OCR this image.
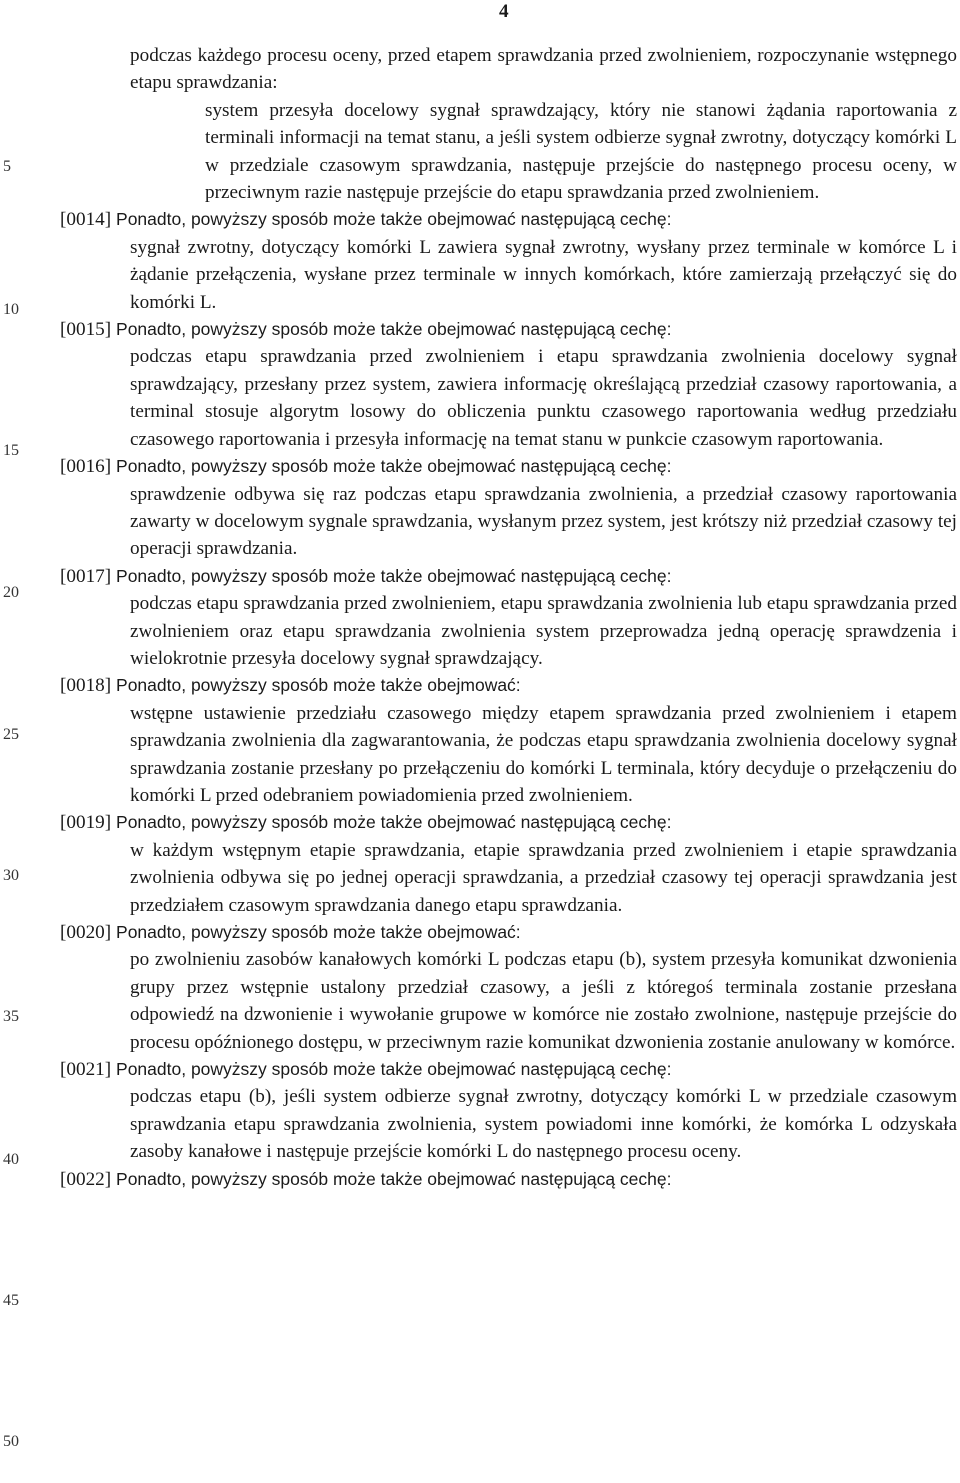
4
5
10
15
20
25
30
35
40
45
50

podczas każdego procesu oceny, przed etapem sprawdzania przed zwolnieniem, rozpoczynanie wstępnego etapu sprawdzania:

system przesyła docelowy sygnał sprawdzający, który nie stanowi żądania raportowania z terminali informacji na temat stanu, a jeśli system odbierze sygnał zwrotny, dotyczący komórki L w przedziale czasowym sprawdzania, następuje przejście do następnego procesu oceny, w przeciwnym razie następuje przejście do etapu sprawdzania przed zwolnieniem.

[0014] Ponadto, powyższy sposób może także obejmować następującą cechę:

sygnał zwrotny, dotyczący komórki L zawiera sygnał zwrotny, wysłany przez terminale w komórce L i żądanie przełączenia, wysłane przez terminale w innych komórkach, które zamierzają przełączyć się do komórki L.

[0015] Ponadto, powyższy sposób może także obejmować następującą cechę:

podczas etapu sprawdzania przed zwolnieniem i etapu sprawdzania zwolnienia docelowy sygnał sprawdzający, przesłany przez system, zawiera informację określającą przedział czasowy raportowania, a terminal stosuje algorytm losowy do obliczenia punktu czasowego raportowania według przedziału czasowego raportowania i przesyła informację na temat stanu w punkcie czasowym raportowania.

[0016] Ponadto, powyższy sposób może także obejmować następującą cechę:

sprawdzenie odbywa się raz podczas etapu sprawdzania zwolnienia, a przedział czasowy raportowania zawarty w docelowym sygnale sprawdzania, wysłanym przez system, jest krótszy niż przedział czasowy tej operacji sprawdzania.

[0017] Ponadto, powyższy sposób może także obejmować następującą cechę:

podczas etapu sprawdzania przed zwolnieniem, etapu sprawdzania zwolnienia lub etapu sprawdzania przed zwolnieniem oraz etapu sprawdzania zwolnienia system przeprowadza jedną operację sprawdzenia i wielokrotnie przesyła docelowy sygnał sprawdzający.

[0018] Ponadto, powyższy sposób może także obejmować:

wstępne ustawienie przedziału czasowego między etapem sprawdzania przed zwolnieniem i etapem sprawdzania zwolnienia dla zagwarantowania, że podczas etapu sprawdzania zwolnienia docelowy sygnał sprawdzania zostanie przesłany po przełączeniu do komórki L terminala, który decyduje o przełączeniu do komórki L przed odebraniem powiadomienia przed zwolnieniem.

[0019] Ponadto, powyższy sposób może także obejmować następującą cechę:

w każdym wstępnym etapie sprawdzania, etapie sprawdzania przed zwolnieniem i etapie sprawdzania zwolnienia odbywa się po jednej operacji sprawdzania, a przedział czasowy tej operacji sprawdzania jest przedziałem czasowym sprawdzania danego etapu sprawdzania.

[0020] Ponadto, powyższy sposób może także obejmować:

po zwolnieniu zasobów kanałowych komórki L podczas etapu (b), system przesyła komunikat dzwonienia grupy przez wstępnie ustalony przedział czasowy, a jeśli z któregoś terminala zostanie przesłana odpowiedź na dzwonienie i wywołanie grupowe w komórce nie zostało zwolnione, następuje przejście do procesu opóźnionego dostępu, w przeciwnym razie komunikat dzwonienia zostanie anulowany w komórce.

[0021] Ponadto, powyższy sposób może także obejmować następującą cechę:

podczas etapu (b), jeśli system odbierze sygnał zwrotny, dotyczący komórki L w przedziale czasowym sprawdzania etapu sprawdzania zwolnienia, system powiadomi inne komórki, że komórka L odzyskała zasoby kanałowe i następuje przejście komórki L do następnego procesu oceny.

[0022] Ponadto, powyższy sposób może także obejmować następującą cechę:
